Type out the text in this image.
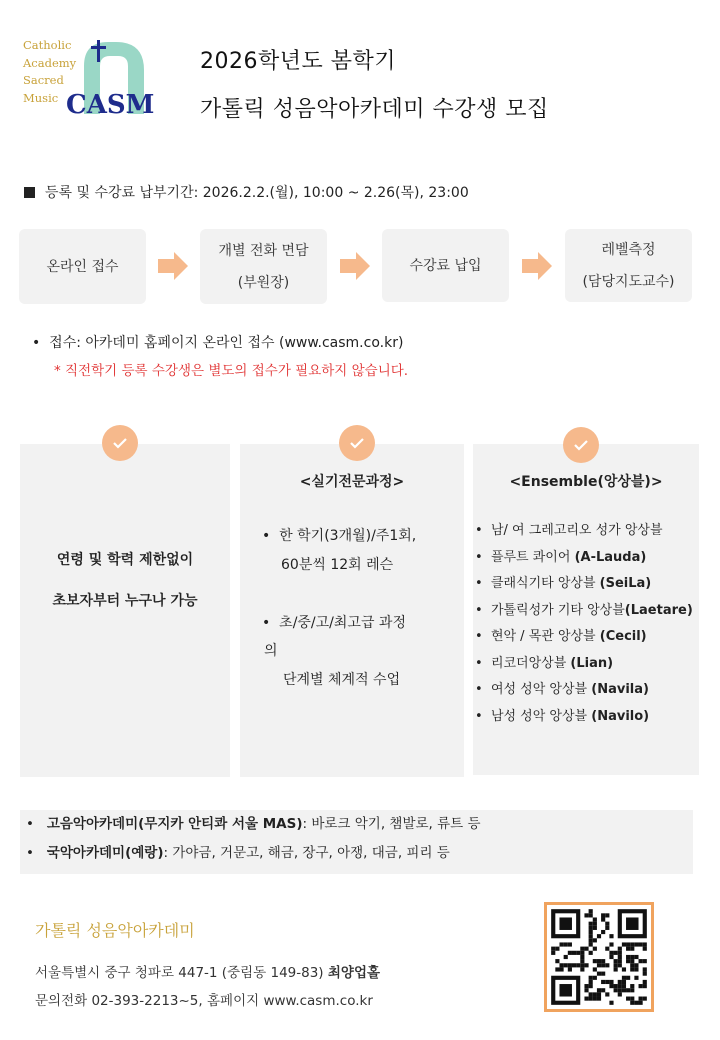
Catholic
Academy
Sacred
Music CASM
2026학년도 봄학기
가톨릭 성음악아카데미 수강생 모집
등록 및 수강료 납부기간: 2026.2.2.(월), 10:00 ~ 2.26(목), 23:00
온라인 접수
개별 전화 면담
(부원장)
수강료 납입
레벨측정
(담당지도교수)
•  접수: 아카데미 홈페이지 온라인 접수 (www.casm.co.kr)
* 직전학기 등록 수강생은 별도의 접수가 필요하지 않습니다.
연령 및 학력 제한없이
초보자부터 누구나 가능
<실기전문과정>
•  한 학기(3개월)/주1회,
60분씩 12회 레슨
•  초/중/고/최고급 과정
의
단계별 체계적 수업
<Ensemble(앙상블)>
•  남/ 여 그레고리오 성가 앙상블
•  플루트 콰이어 (A-Lauda)
•  클래식기타 앙상블 (SeiLa)
•  가톨릭성가 기타 앙상블(Laetare)
•  현악 / 목관 앙상블 (Cecil)
•  리코더앙상블 (Lian)
•  여성 성악 앙상블 (Navila)
•  남성 성악 앙상블 (Navilo)
•   고음악아카데미(무지카 안티콰 서울 MAS): 바로크 악기, 챔발로, 류트 등
•   국악아카데미(예랑): 가야금, 거문고, 해금, 장구, 아쟁, 대금, 피리 등
가톨릭 성음악아카데미
서울특별시 중구 청파로 447-1 (중림동 149-83) 최양업홀
문의전화 02-393-2213~5, 홈페이지 www.casm.co.kr
